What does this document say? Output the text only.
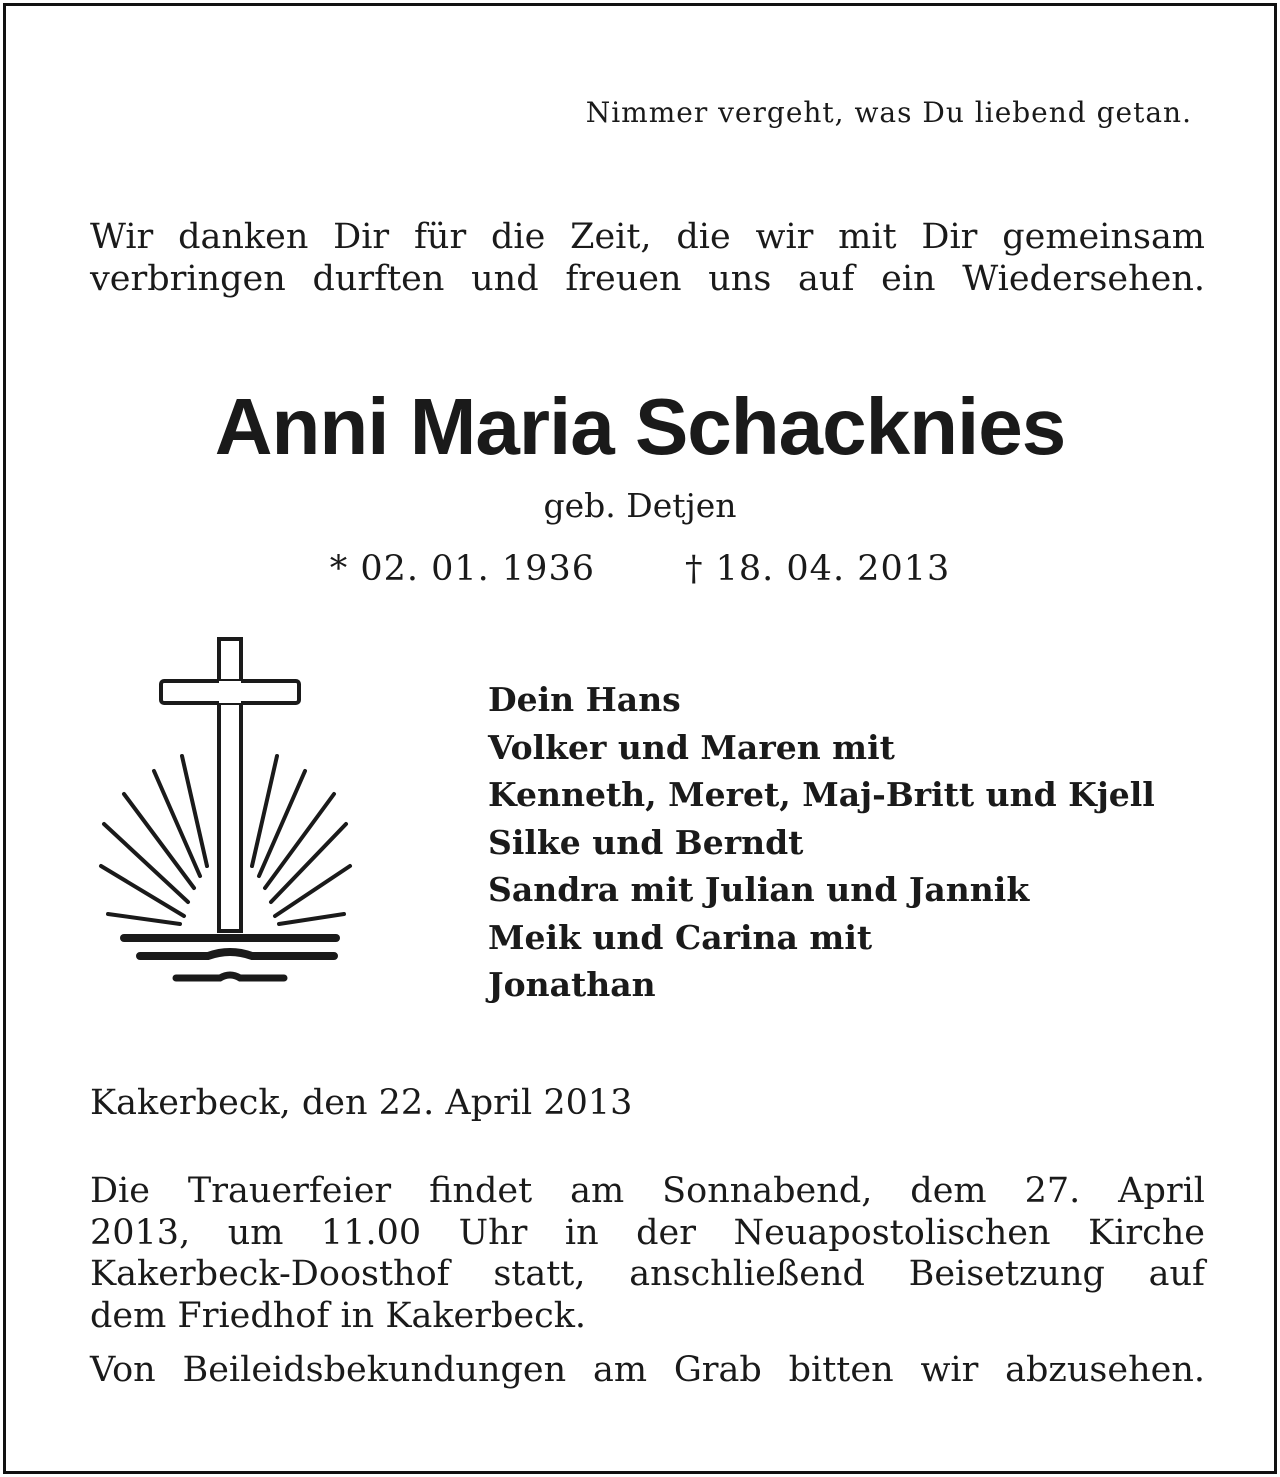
Nimmer vergeht, was Du liebend getan.
Wir danken Dir für die Zeit, die wir mit Dir gemeinsam
verbringen durften und freuen uns auf ein Wiedersehen.
Anni Maria Schacknies
geb. Detjen
* 02. 01. 1936	† 18. 04. 2013
Dein Hans
Volker und Maren mit
Kenneth, Meret, Maj-Britt und Kjell
Silke und Berndt
Sandra mit Julian und Jannik
Meik und Carina mit
Jonathan
Kakerbeck, den 22. April 2013
Die Trauerfeier findet am Sonnabend, dem 27. April
2013, um 11.00 Uhr in der Neuapostolischen Kirche
Kakerbeck-Doosthof statt, anschließend Beisetzung auf
dem Friedhof in Kakerbeck.
Von Beileidsbekundungen am Grab bitten wir abzusehen.
